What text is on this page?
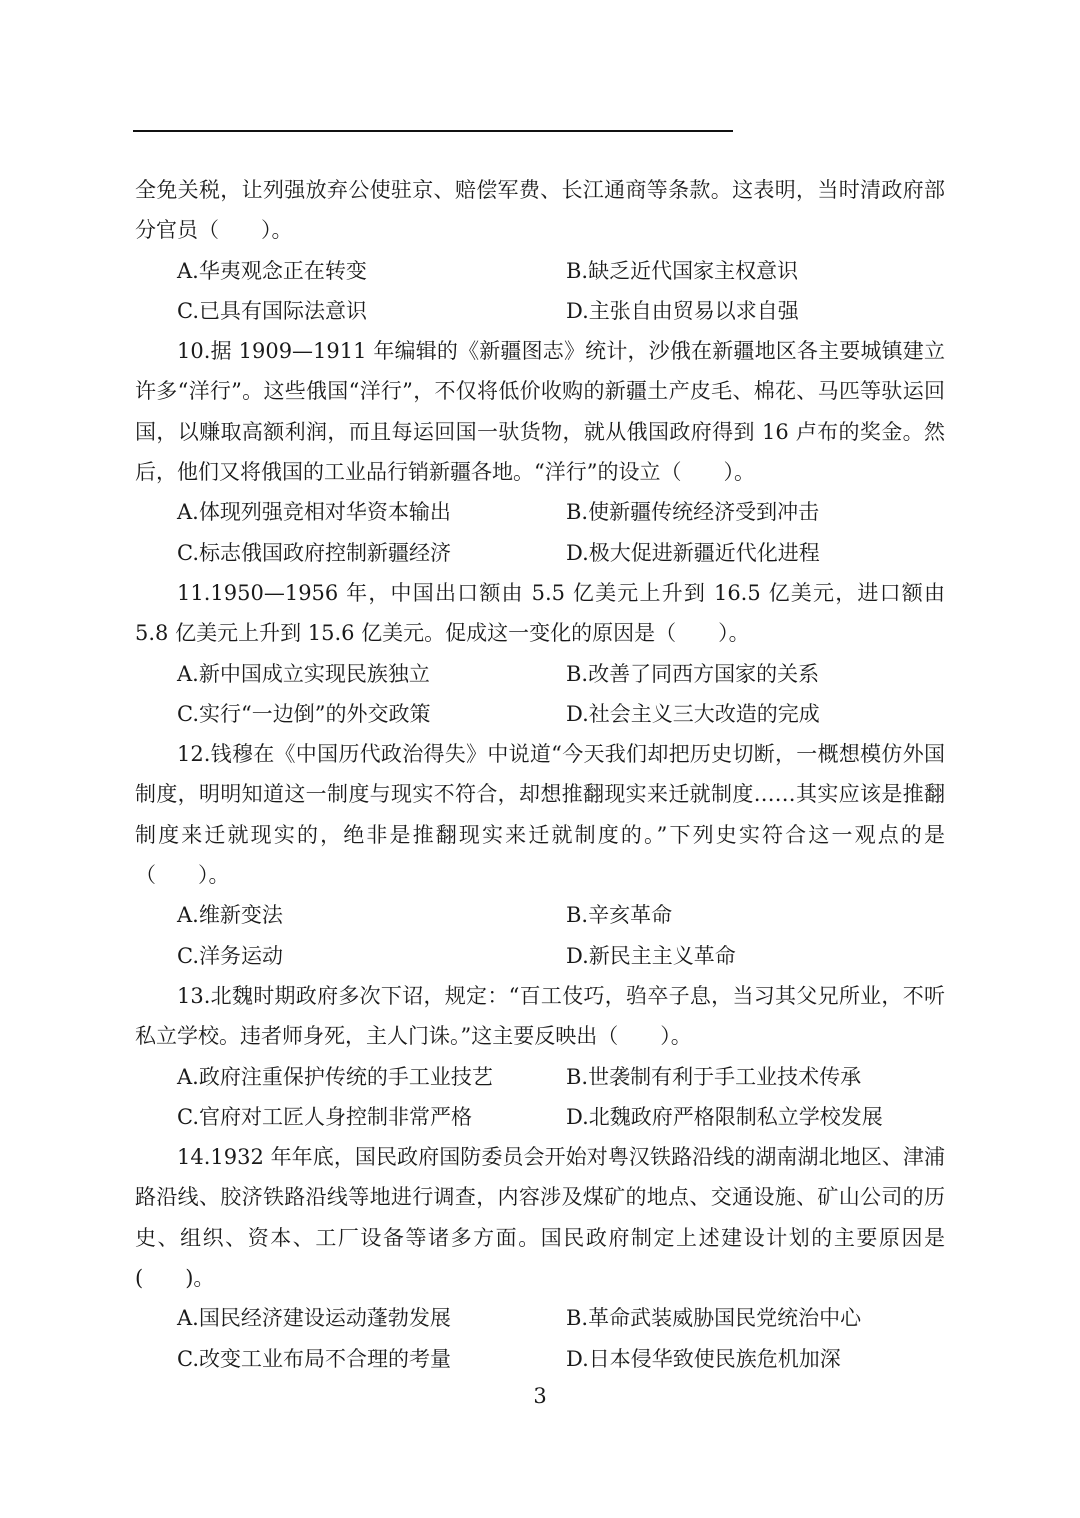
全免关税，让列强放弃公使驻京、赔偿军费、长江通商等条款。这表明，当时清政府部分官员（　　）。

A.华夷观念正在转变	B.缺乏近代国家主权意识
C.已具有国际法意识	D.主张自由贸易以求自强

10.据 1909—1911 年编辑的《新疆图志》统计，沙俄在新疆地区各主要城镇建立许多“洋行”。这些俄国“洋行”，不仅将低价收购的新疆土产皮毛、棉花、马匹等驮运回国，以赚取高额利润，而且每运回国一驮货物，就从俄国政府得到 16 卢布的奖金。然后，他们又将俄国的工业品行销新疆各地。“洋行”的设立（　　）。

A.体现列强竞相对华资本输出	B.使新疆传统经济受到冲击
C.标志俄国政府控制新疆经济	D.极大促进新疆近代化进程

11.1950—1956 年，中国出口额由 5.5 亿美元上升到 16.5 亿美元，进口额由 5.8 亿美元上升到 15.6 亿美元。促成这一变化的原因是（　　）。

A.新中国成立实现民族独立	B.改善了同西方国家的关系
C.实行“一边倒”的外交政策	D.社会主义三大改造的完成

12.钱穆在《中国历代政治得失》中说道“今天我们却把历史切断，一概想模仿外国制度，明明知道这一制度与现实不符合，却想推翻现实来迁就制度……其实应该是推翻制度来迁就现实的，绝非是推翻现实来迁就制度的。”下列史实符合这一观点的是（　　）。

A.维新变法	B.辛亥革命
C.洋务运动	D.新民主主义革命

13.北魏时期政府多次下诏，规定：“百工伎巧，驺卒子息，当习其父兄所业，不听私立学校。违者师身死，主人门诛。”这主要反映出（　　）。

A.政府注重保护传统的手工业技艺	B.世袭制有利于手工业技术传承
C.官府对工匠人身控制非常严格	D.北魏政府严格限制私立学校发展

14.1932 年年底，国民政府国防委员会开始对粤汉铁路沿线的湖南湖北地区、津浦路沿线、胶济铁路沿线等地进行调查，内容涉及煤矿的地点、交通设施、矿山公司的历史、组织、资本、工厂设备等诸多方面。国民政府制定上述建设计划的主要原因是(　　)。

A.国民经济建设运动蓬勃发展	B.革命武装威胁国民党统治中心
C.改变工业布局不合理的考量	D.日本侵华致使民族危机加深
3
